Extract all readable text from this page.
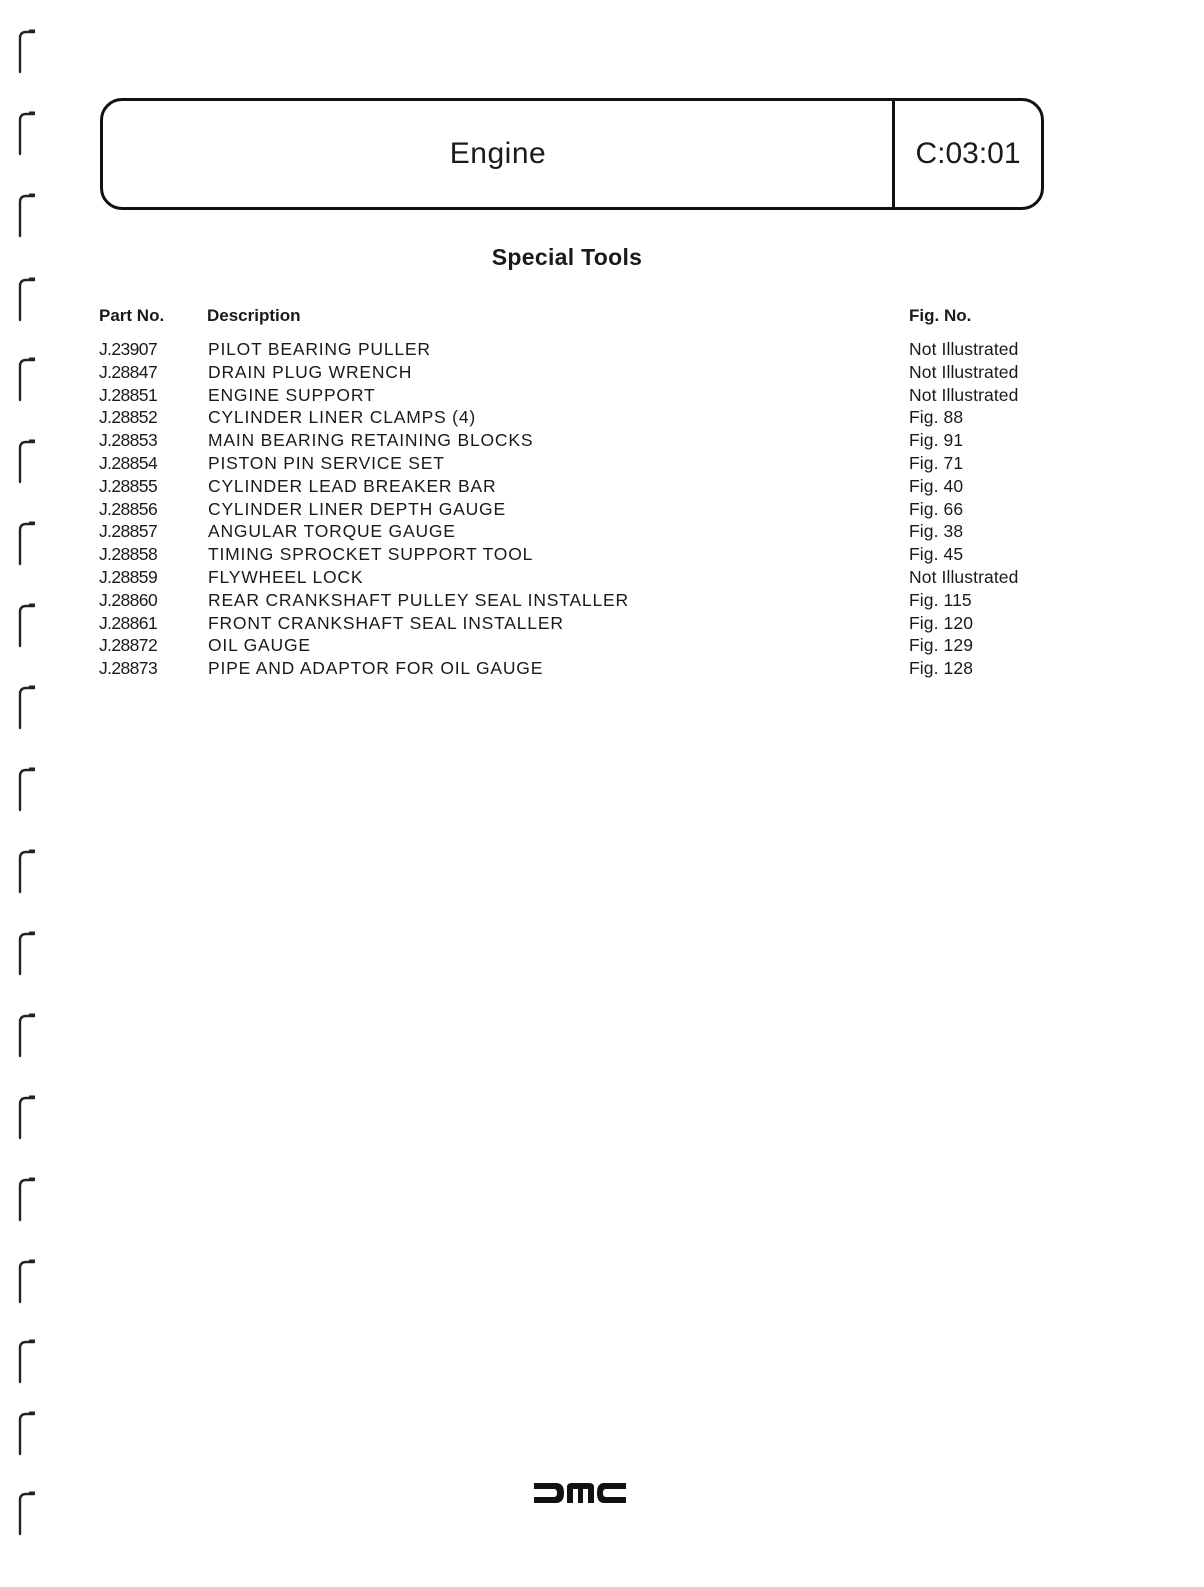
Engine	C:03:01
Special Tools
Part No.	Description	Fig. No.
J.23907	PILOT BEARING PULLER	Not Illustrated
J.28847	DRAIN PLUG WRENCH	Not Illustrated
J.28851	ENGINE SUPPORT	Not Illustrated
J.28852	CYLINDER LINER CLAMPS (4)	Fig. 88
J.28853	MAIN BEARING RETAINING BLOCKS	Fig. 91
J.28854	PISTON PIN SERVICE SET	Fig. 71
J.28855	CYLINDER LEAD BREAKER BAR	Fig. 40
J.28856	CYLINDER LINER DEPTH GAUGE	Fig. 66
J.28857	ANGULAR TORQUE GAUGE	Fig. 38
J.28858	TIMING SPROCKET SUPPORT TOOL	Fig. 45
J.28859	FLYWHEEL LOCK	Not Illustrated
J.28860	REAR CRANKSHAFT PULLEY SEAL INSTALLER	Fig. 115
J.28861	FRONT CRANKSHAFT SEAL INSTALLER	Fig. 120
J.28872	OIL GAUGE	Fig. 129
J.28873	PIPE AND ADAPTOR FOR OIL GAUGE	Fig. 128
